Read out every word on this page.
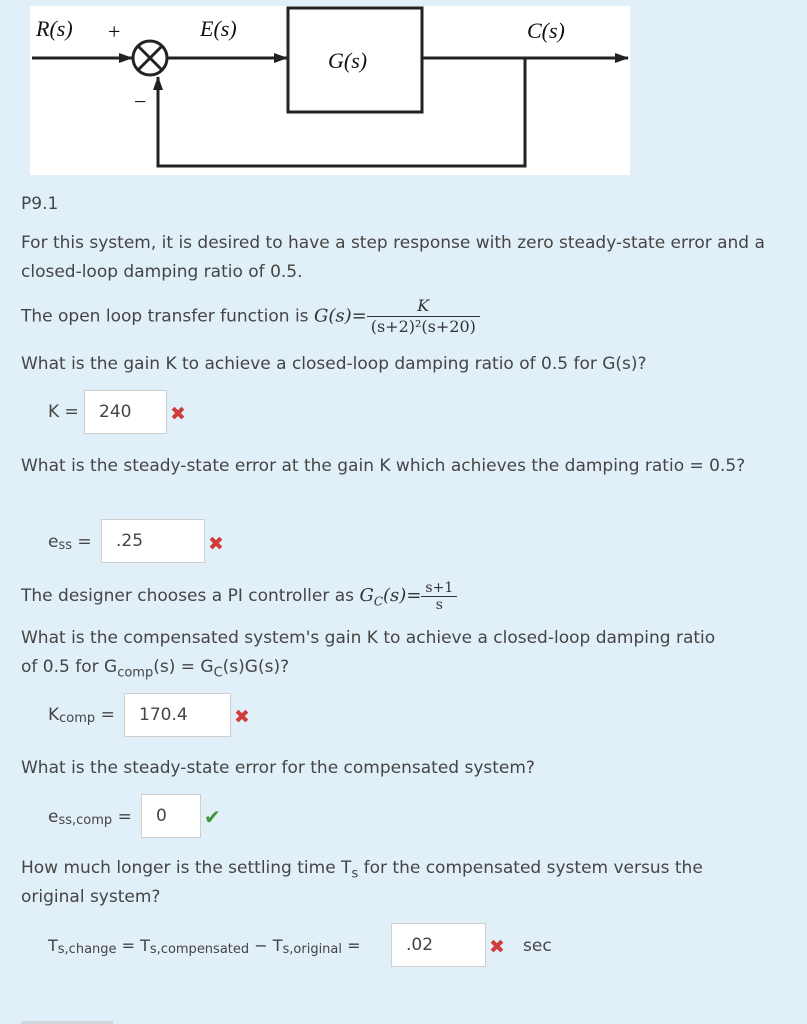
R(s) +
−
E(s)
G(s)
C(s)
P9.1
For this system, it is desired to have a step response with zero steady-state error and a closed-loop damping ratio of 0.5.
The open loop transfer function is $G(s)= \frac{K}{\text{(s+2)²(s+20)}}$
What is the gain K to achieve a closed-loop damping ratio of 0.5 for G(s)?
K =	240	✖
What is the steady-state error at the gain K which achieves the damping ratio = 0.5?
$e_{ss}$ =	.25	✖
The designer chooses a PI controller as $G_C(s)= \frac{s+1}{s}$
What is the compensated system's gain K to achieve a closed-loop damping ratio
of 0.5 for $G_{comp}(s) = G_C(s)G(s)$?
$K_{comp}$ =	170.4	✖
What is the steady-state error for the compensated system?
$e_{ss,comp}$ =	0	✔
How much longer is the settling time $T_s$ for the compensated system versus the
original system?
$T_{s,change} = T_{s,compensated} - T_{s,original}$ =	.02	✖ sec
